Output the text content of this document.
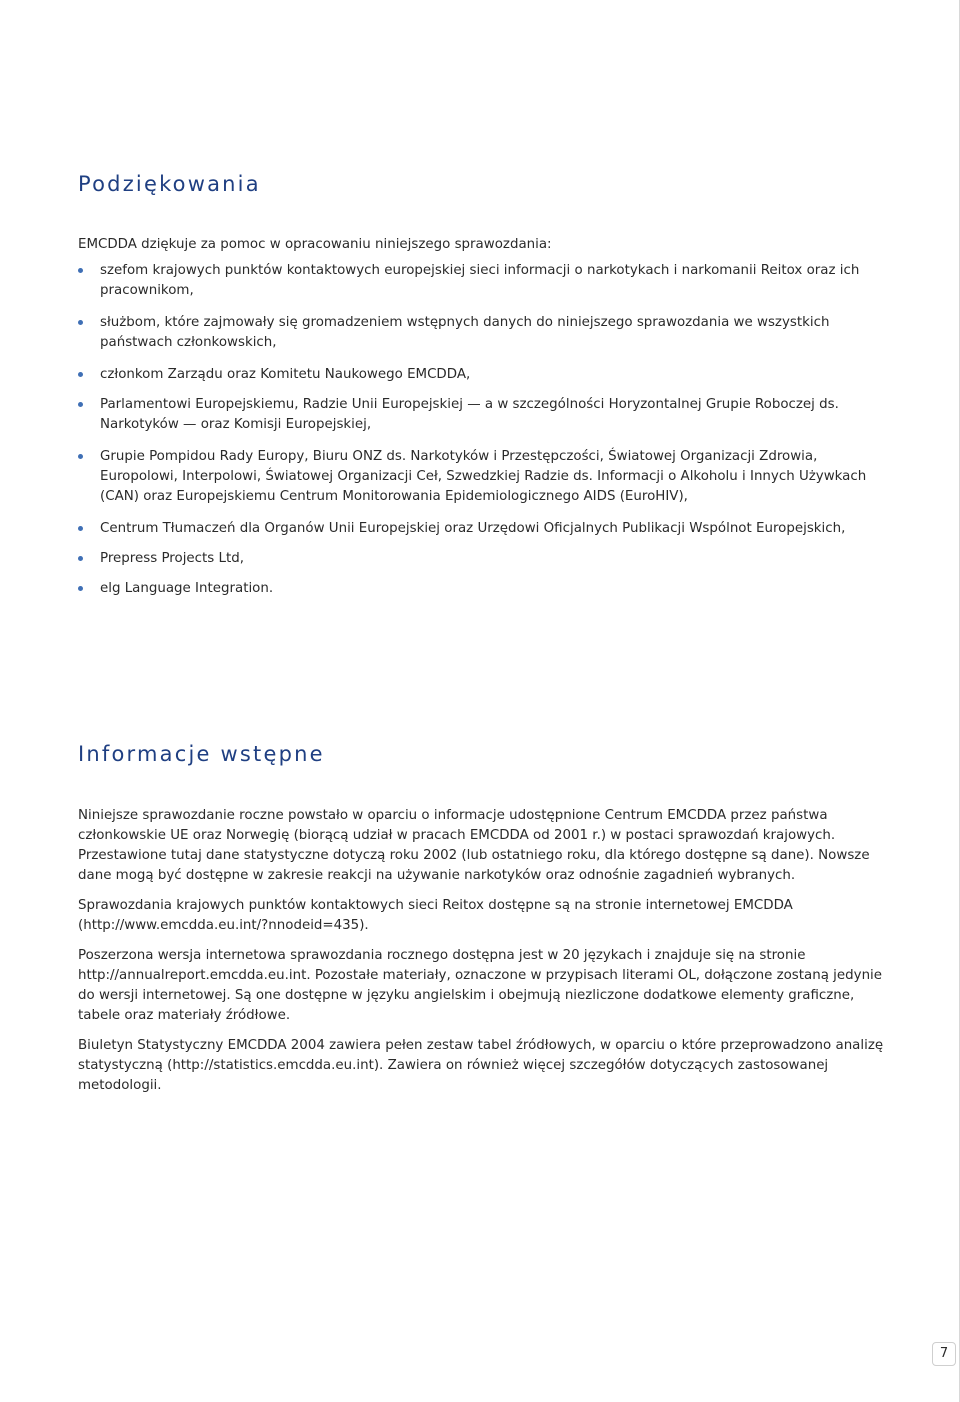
Podziękowania

EMCDDA dziękuje za pomoc w opracowaniu niniejszego sprawozdania:

szefom krajowych punktów kontaktowych europejskiej sieci informacji o narkotykach i narkomanii Reitox oraz ich pracownikom,
służbom, które zajmowały się gromadzeniem wstępnych danych do niniejszego sprawozdania we wszystkich państwach członkowskich,
członkom Zarządu oraz Komitetu Naukowego EMCDDA,
Parlamentowi Europejskiemu, Radzie Unii Europejskiej — a w szczególności Horyzontalnej Grupie Roboczej ds. Narkotyków — oraz Komisji Europejskiej,
Grupie Pompidou Rady Europy, Biuru ONZ ds. Narkotyków i Przestępczości, Światowej Organizacji Zdrowia, Europolowi, Interpolowi, Światowej Organizacji Ceł, Szwedzkiej Radzie ds. Informacji o Alkoholu i Innych Używkach (CAN) oraz Europejskiemu Centrum Monitorowania Epidemiologicznego AIDS (EuroHIV),
Centrum Tłumaczeń dla Organów Unii Europejskiej oraz Urzędowi Oficjalnych Publikacji Wspólnot Europejskich,
Prepress Projects Ltd,
elg Language Integration.
Informacje wstępne

Niniejsze sprawozdanie roczne powstało w oparciu o informacje udostępnione Centrum EMCDDA przez państwa członkowskie UE oraz Norwegię (biorącą udział w pracach EMCDDA od 2001 r.) w postaci sprawozdań krajowych. Przestawione tutaj dane statystyczne dotyczą roku 2002 (lub ostatniego roku, dla którego dostępne są dane). Nowsze dane mogą być dostępne w zakresie reakcji na używanie narkotyków oraz odnośnie zagadnień wybranych.

Sprawozdania krajowych punktów kontaktowych sieci Reitox dostępne są na stronie internetowej EMCDDA (http://www.emcdda.eu.int/?nnodeid=435).

Poszerzona wersja internetowa sprawozdania rocznego dostępna jest w 20 językach i znajduje się na stronie http://annualreport.emcdda.eu.int. Pozostałe materiały, oznaczone w przypisach literami OL, dołączone zostaną jedynie do wersji internetowej. Są one dostępne w języku angielskim i obejmują niezliczone dodatkowe elementy graficzne, tabele oraz materiały źródłowe.

Biuletyn Statystyczny EMCDDA 2004 zawiera pełen zestaw tabel źródłowych, w oparciu o które przeprowadzono analizę statystyczną (http://statistics.emcdda.eu.int). Zawiera on również więcej szczegółów dotyczących zastosowanej metodologii.

7
